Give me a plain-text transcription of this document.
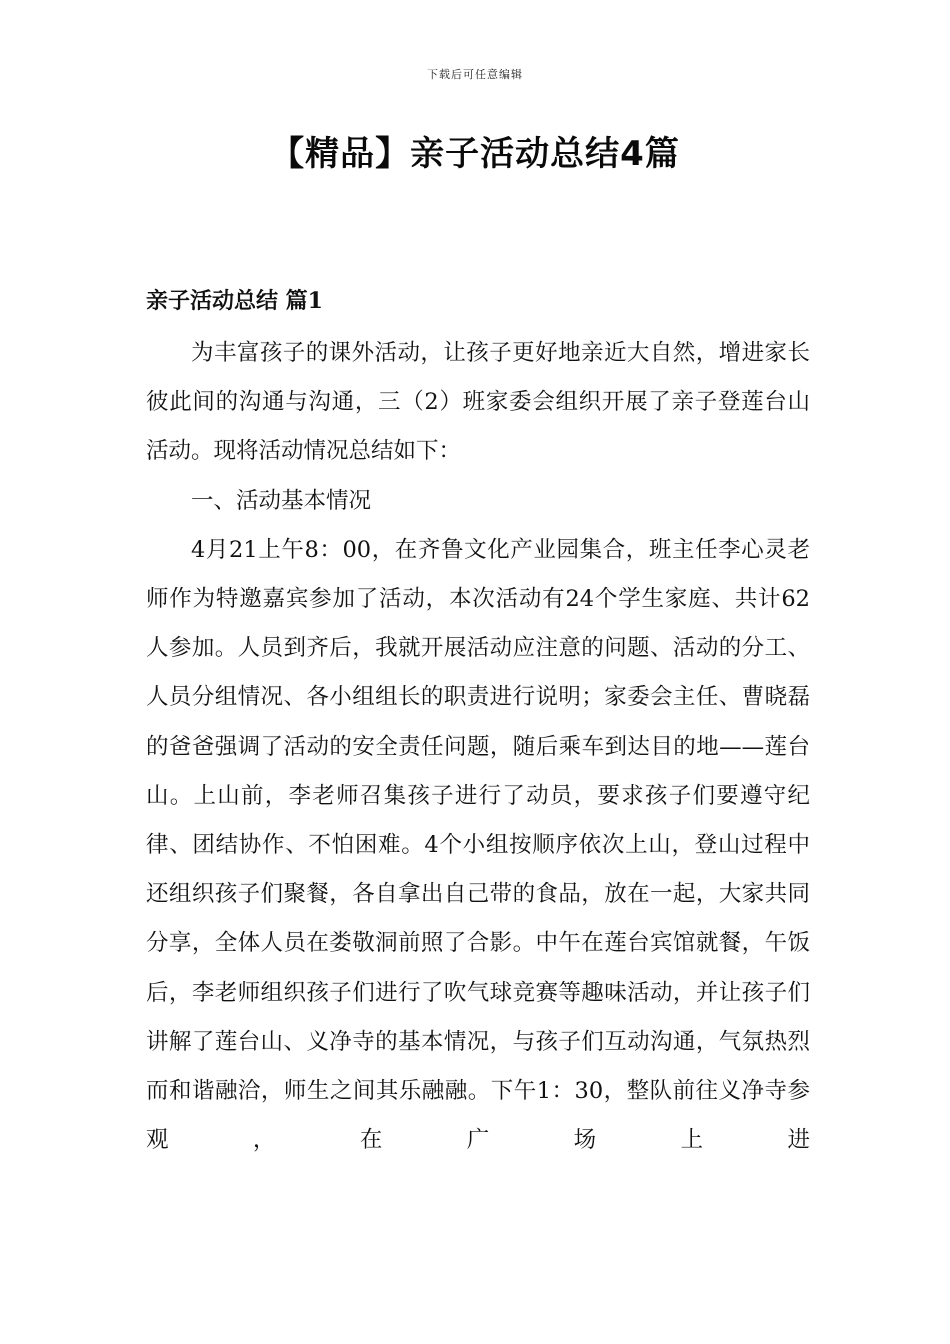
下载后可任意编辑
【精品】亲子活动总结4篇
亲子活动总结 篇1

为丰富孩子的课外活动，让孩子更好地亲近大自然，增进家长彼此间的沟通与沟通，三（2）班家委会组织开展了亲子登莲台山活动。现将活动情况总结如下：

一、活动基本情况

4月21上午8：00，在齐鲁文化产业园集合，班主任李心灵老师作为特邀嘉宾参加了活动，本次活动有24个学生家庭、共计62人参加。人员到齐后，我就开展活动应注意的问题、活动的分工、人员分组情况、各小组组长的职责进行说明；家委会主任、曹晓磊的爸爸强调了活动的安全责任问题，随后乘车到达目的地——莲台山。上山前，李老师召集孩子进行了动员，要求孩子们要遵守纪律、团结协作、不怕困难。4个小组按顺序依次上山，登山过程中还组织孩子们聚餐，各自拿出自己带的食品，放在一起，大家共同分享，全体人员在娄敬洞前照了合影。中午在莲台宾馆就餐，午饭后，李老师组织孩子们进行了吹气球竞赛等趣味活动，并让孩子们讲解了莲台山、义净寺的基本情况，与孩子们互动沟通，气氛热烈而和谐融洽，师生之间其乐融融。下午1：30，整队前往义净寺参观，在广场上进
